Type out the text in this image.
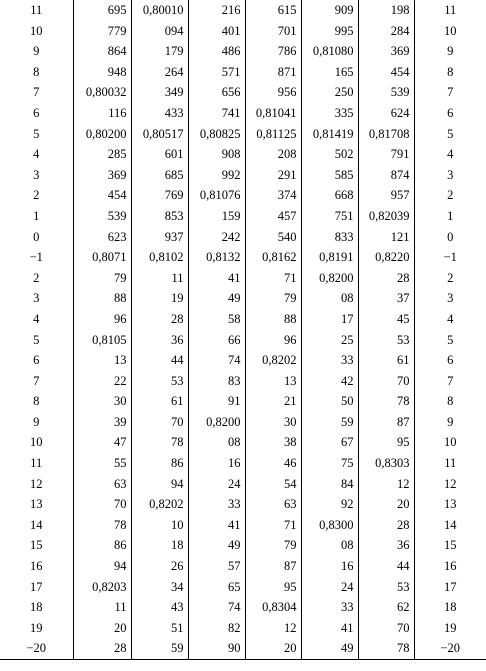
11	695	0,80010	216	615	909	198	11
10	779	094	401	701	995	284	10
9	864	179	486	786	0,81080	369	9
8	948	264	571	871	165	454	8
7	0,80032	349	656	956	250	539	7
6	116	433	741	0,81041	335	624	6
5	0,80200	0,80517	0,80825	0,81125	0,81419	0,81708	5
4	285	601	908	208	502	791	4
3	369	685	992	291	585	874	3
2	454	769	0,81076	374	668	957	2
1	539	853	159	457	751	0,82039	1
0	623	937	242	540	833	121	0
−1	0,8071	0,8102	0,8132	0,8162	0,8191	0,8220	−1
2	79	11	41	71	0,8200	28	2
3	88	19	49	79	08	37	3
4	96	28	58	88	17	45	4
5	0,8105	36	66	96	25	53	5
6	13	44	74	0,8202	33	61	6
7	22	53	83	13	42	70	7
8	30	61	91	21	50	78	8
9	39	70	0,8200	30	59	87	9
10	47	78	08	38	67	95	10
11	55	86	16	46	75	0,8303	11
12	63	94	24	54	84	12	12
13	70	0,8202	33	63	92	20	13
14	78	10	41	71	0,8300	28	14
15	86	18	49	79	08	36	15
16	94	26	57	87	16	44	16
17	0,8203	34	65	95	24	53	17
18	11	43	74	0,8304	33	62	18
19	20	51	82	12	41	70	19
−20	28	59	90	20	49	78	−20
